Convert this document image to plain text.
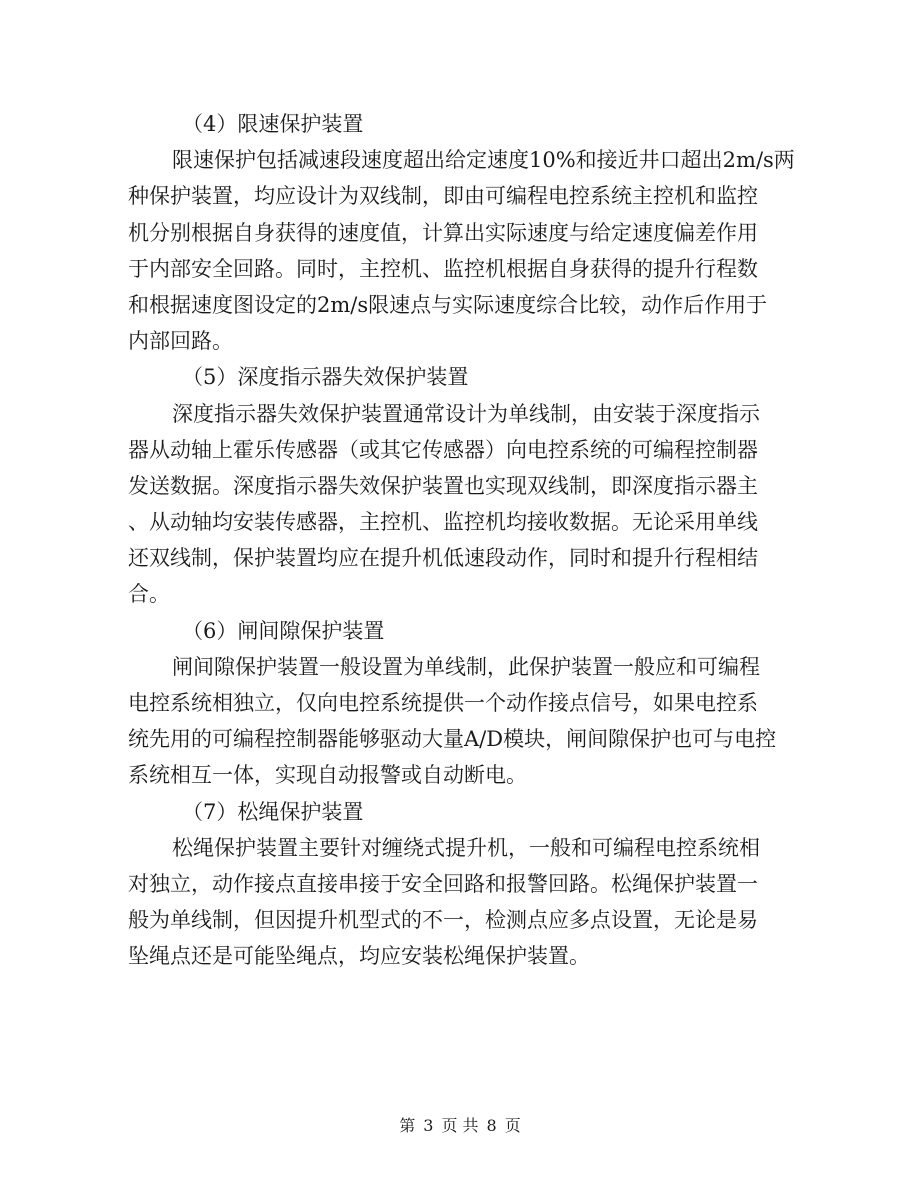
（4）限速保护装置

限速保护包括减速段速度超出给定速度10%和接近井口超出2m/s两

种保护装置，均应设计为双线制，即由可编程电控系统主控机和监控

机分别根据自身获得的速度值，计算出实际速度与给定速度偏差作用

于内部安全回路。同时，主控机、监控机根据自身获得的提升行程数

和根据速度图设定的2m/s限速点与实际速度综合比较，动作后作用于

内部回路。

（5）深度指示器失效保护装置

深度指示器失效保护装置通常设计为单线制，由安装于深度指示

器从动轴上霍乐传感器（或其它传感器）向电控系统的可编程控制器

发送数据。深度指示器失效保护装置也实现双线制，即深度指示器主

、从动轴均安装传感器，主控机、监控机均接收数据。无论采用单线

还双线制，保护装置均应在提升机低速段动作，同时和提升行程相结

合。

（6）闸间隙保护装置

闸间隙保护装置一般设置为单线制，此保护装置一般应和可编程

电控系统相独立，仅向电控系统提供一个动作接点信号，如果电控系

统先用的可编程控制器能够驱动大量A/D模块，闸间隙保护也可与电控

系统相互一体，实现自动报警或自动断电。

（7）松绳保护装置

松绳保护装置主要针对缠绕式提升机，一般和可编程电控系统相

对独立，动作接点直接串接于安全回路和报警回路。松绳保护装置一

般为单线制，但因提升机型式的不一，检测点应多点设置，无论是易

坠绳点还是可能坠绳点，均应安装松绳保护装置。

第 3 页 共 8 页
